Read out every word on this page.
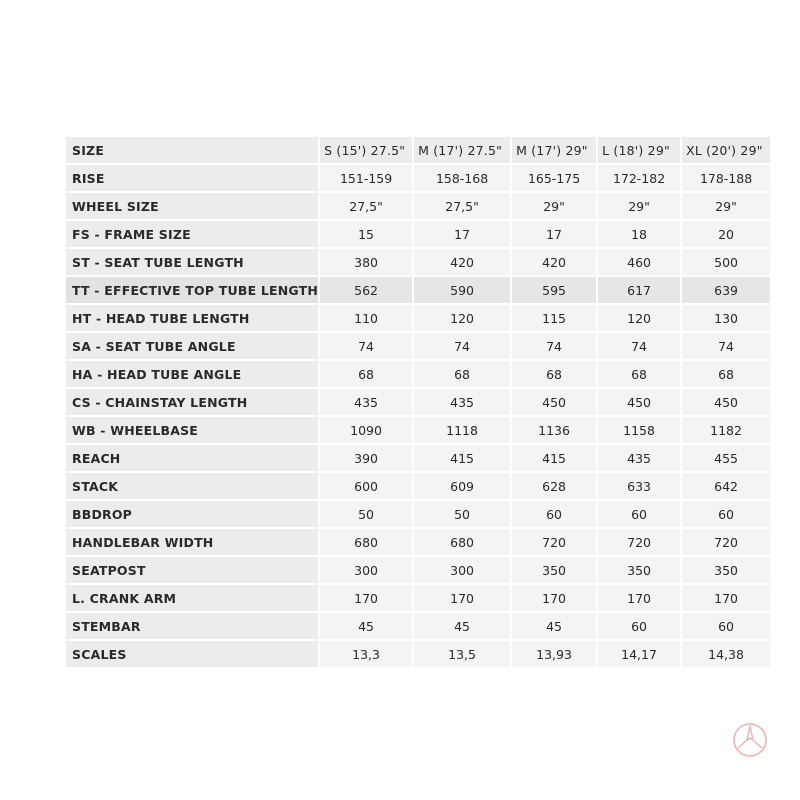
SIZE	S (15') 27.5"	M (17') 27.5"	M (17') 29"	L (18') 29"	XL (20') 29"
RISE	151-159	158-168	165-175	172-182	178-188
WHEEL SIZE	27,5"	27,5"	29"	29"	29"
FS - FRAME SIZE	15	17	17	18	20
ST - SEAT TUBE LENGTH	380	420	420	460	500
TT - EFFECTIVE TOP TUBE LENGTH	562	590	595	617	639
HT - HEAD TUBE LENGTH	110	120	115	120	130
SA - SEAT TUBE ANGLE	74	74	74	74	74
HA - HEAD TUBE ANGLE	68	68	68	68	68
CS - CHAINSTAY LENGTH	435	435	450	450	450
WB - WHEELBASE	1090	1118	1136	1158	1182
REACH	390	415	415	435	455
STACK	600	609	628	633	642
BBDROP	50	50	60	60	60
HANDLEBAR WIDTH	680	680	720	720	720
SEATPOST	300	300	350	350	350
L. CRANK ARM	170	170	170	170	170
STEMBAR	45	45	45	60	60
SCALES	13,3	13,5	13,93	14,17	14,38
